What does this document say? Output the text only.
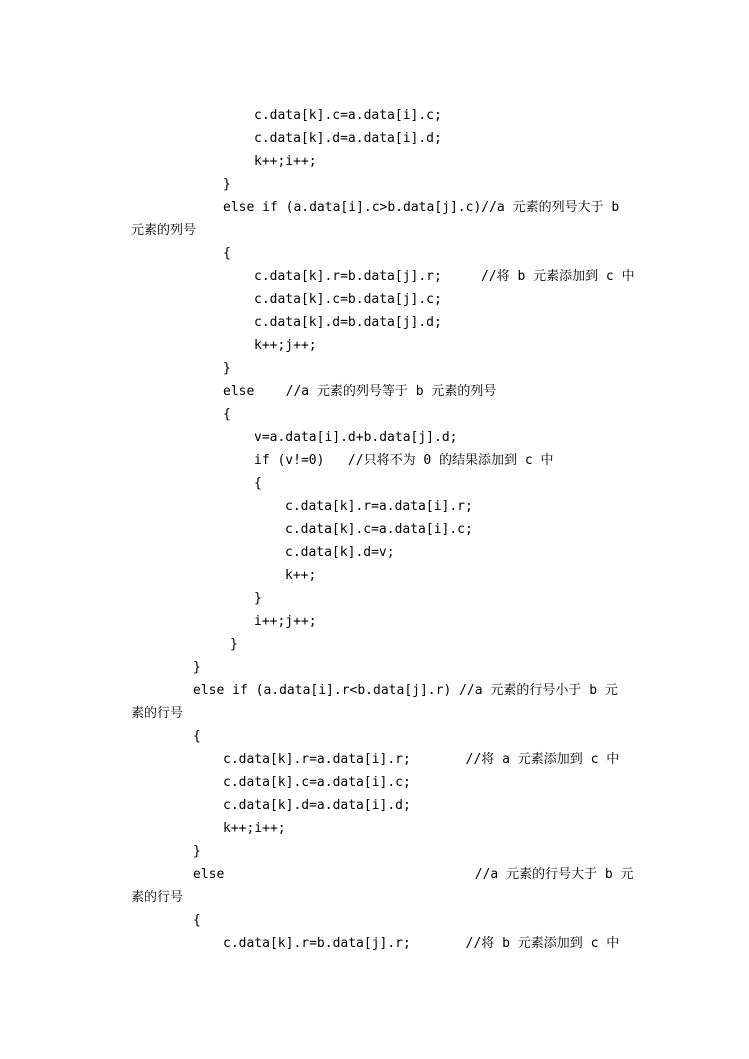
c.data[k].c=a.data[i].c;
c.data[k].d=a.data[i].d;
k++;i++;
}
else if (a.data[i].c>b.data[j].c)//a 元素的列号大于 b
元素的列号
{
c.data[k].r=b.data[j].r;     //将 b 元素添加到 c 中
c.data[k].c=b.data[j].c;
c.data[k].d=b.data[j].d;
k++;j++;
}
else    //a 元素的列号等于 b 元素的列号
{
v=a.data[i].d+b.data[j].d;
if (v!=0)   //只将不为 0 的结果添加到 c 中
{
c.data[k].r=a.data[i].r;
c.data[k].c=a.data[i].c;
c.data[k].d=v;
k++;
}
i++;j++;
}
}
else if (a.data[i].r<b.data[j].r) //a 元素的行号小于 b 元
素的行号
{
c.data[k].r=a.data[i].r;       //将 a 元素添加到 c 中
c.data[k].c=a.data[i].c;
c.data[k].d=a.data[i].d;
k++;i++;
}
else                                //a 元素的行号大于 b 元
素的行号
{
c.data[k].r=b.data[j].r;       //将 b 元素添加到 c 中
